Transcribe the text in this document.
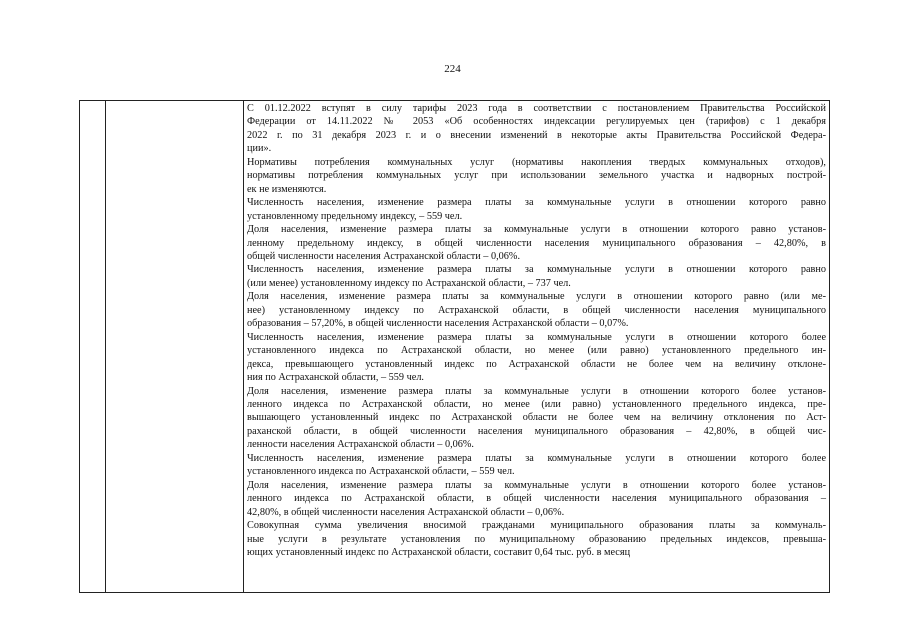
224
С 01.12.2022 вступят в силу тарифы 2023 года в соответствии с постановлением Правительства Российской
Федерации от 14.11.2022 № 2053 «Об особенностях индексации регулируемых цен (тарифов) с 1 декабря
2022 г. по 31 декабря 2023 г. и о внесении изменений в некоторые акты Правительства Российской Федера-
ции».
Нормативы потребления коммунальных услуг (нормативы накопления твердых коммунальных отходов),
нормативы потребления коммунальных услуг при использовании земельного участка и надворных построй-
ек не изменяются.
Численность населения, изменение размера платы за коммунальные услуги в отношении которого равно
установленному предельному индексу, – 559 чел.
Доля населения, изменение размера платы за коммунальные услуги в отношении которого равно установ-
ленному предельному индексу, в общей численности населения муниципального образования – 42,80%, в
общей численности населения Астраханской области – 0,06%.
Численность населения, изменение размера платы за коммунальные услуги в отношении которого равно
(или менее) установленному индексу по Астраханской области, – 737 чел.
Доля населения, изменение размера платы за коммунальные услуги в отношении которого равно (или ме-
нее) установленному индексу по Астраханской области, в общей численности населения муниципального
образования – 57,20%, в общей численности населения Астраханской области – 0,07%.
Численность населения, изменение размера платы за коммунальные услуги в отношении которого более
установленного индекса по Астраханской области, но менее (или равно) установленного предельного ин-
декса, превышающего установленный индекс по Астраханской области не более чем на величину отклоне-
ния по Астраханской области, – 559 чел.
Доля населения, изменение размера платы за коммунальные услуги в отношении которого более установ-
ленного индекса по Астраханской области, но менее (или равно) установленного предельного индекса, пре-
вышающего установленный индекс по Астраханской области не более чем на величину отклонения по Аст-
раханской области, в общей численности населения муниципального образования – 42,80%, в общей чис-
ленности населения Астраханской области – 0,06%.
Численность населения, изменение размера платы за коммунальные услуги в отношении которого более
установленного индекса по Астраханской области, – 559 чел.
Доля населения, изменение размера платы за коммунальные услуги в отношении которого более установ-
ленного индекса по Астраханской области, в общей численности населения муниципального образования –
42,80%, в общей численности населения Астраханской области – 0,06%.
Совокупная сумма увеличения вносимой гражданами муниципального образования платы за коммуналь-
ные услуги в результате установления по муниципальному образованию предельных индексов, превыша-
ющих установленный индекс по Астраханской области, составит 0,64 тыс. руб. в месяц
